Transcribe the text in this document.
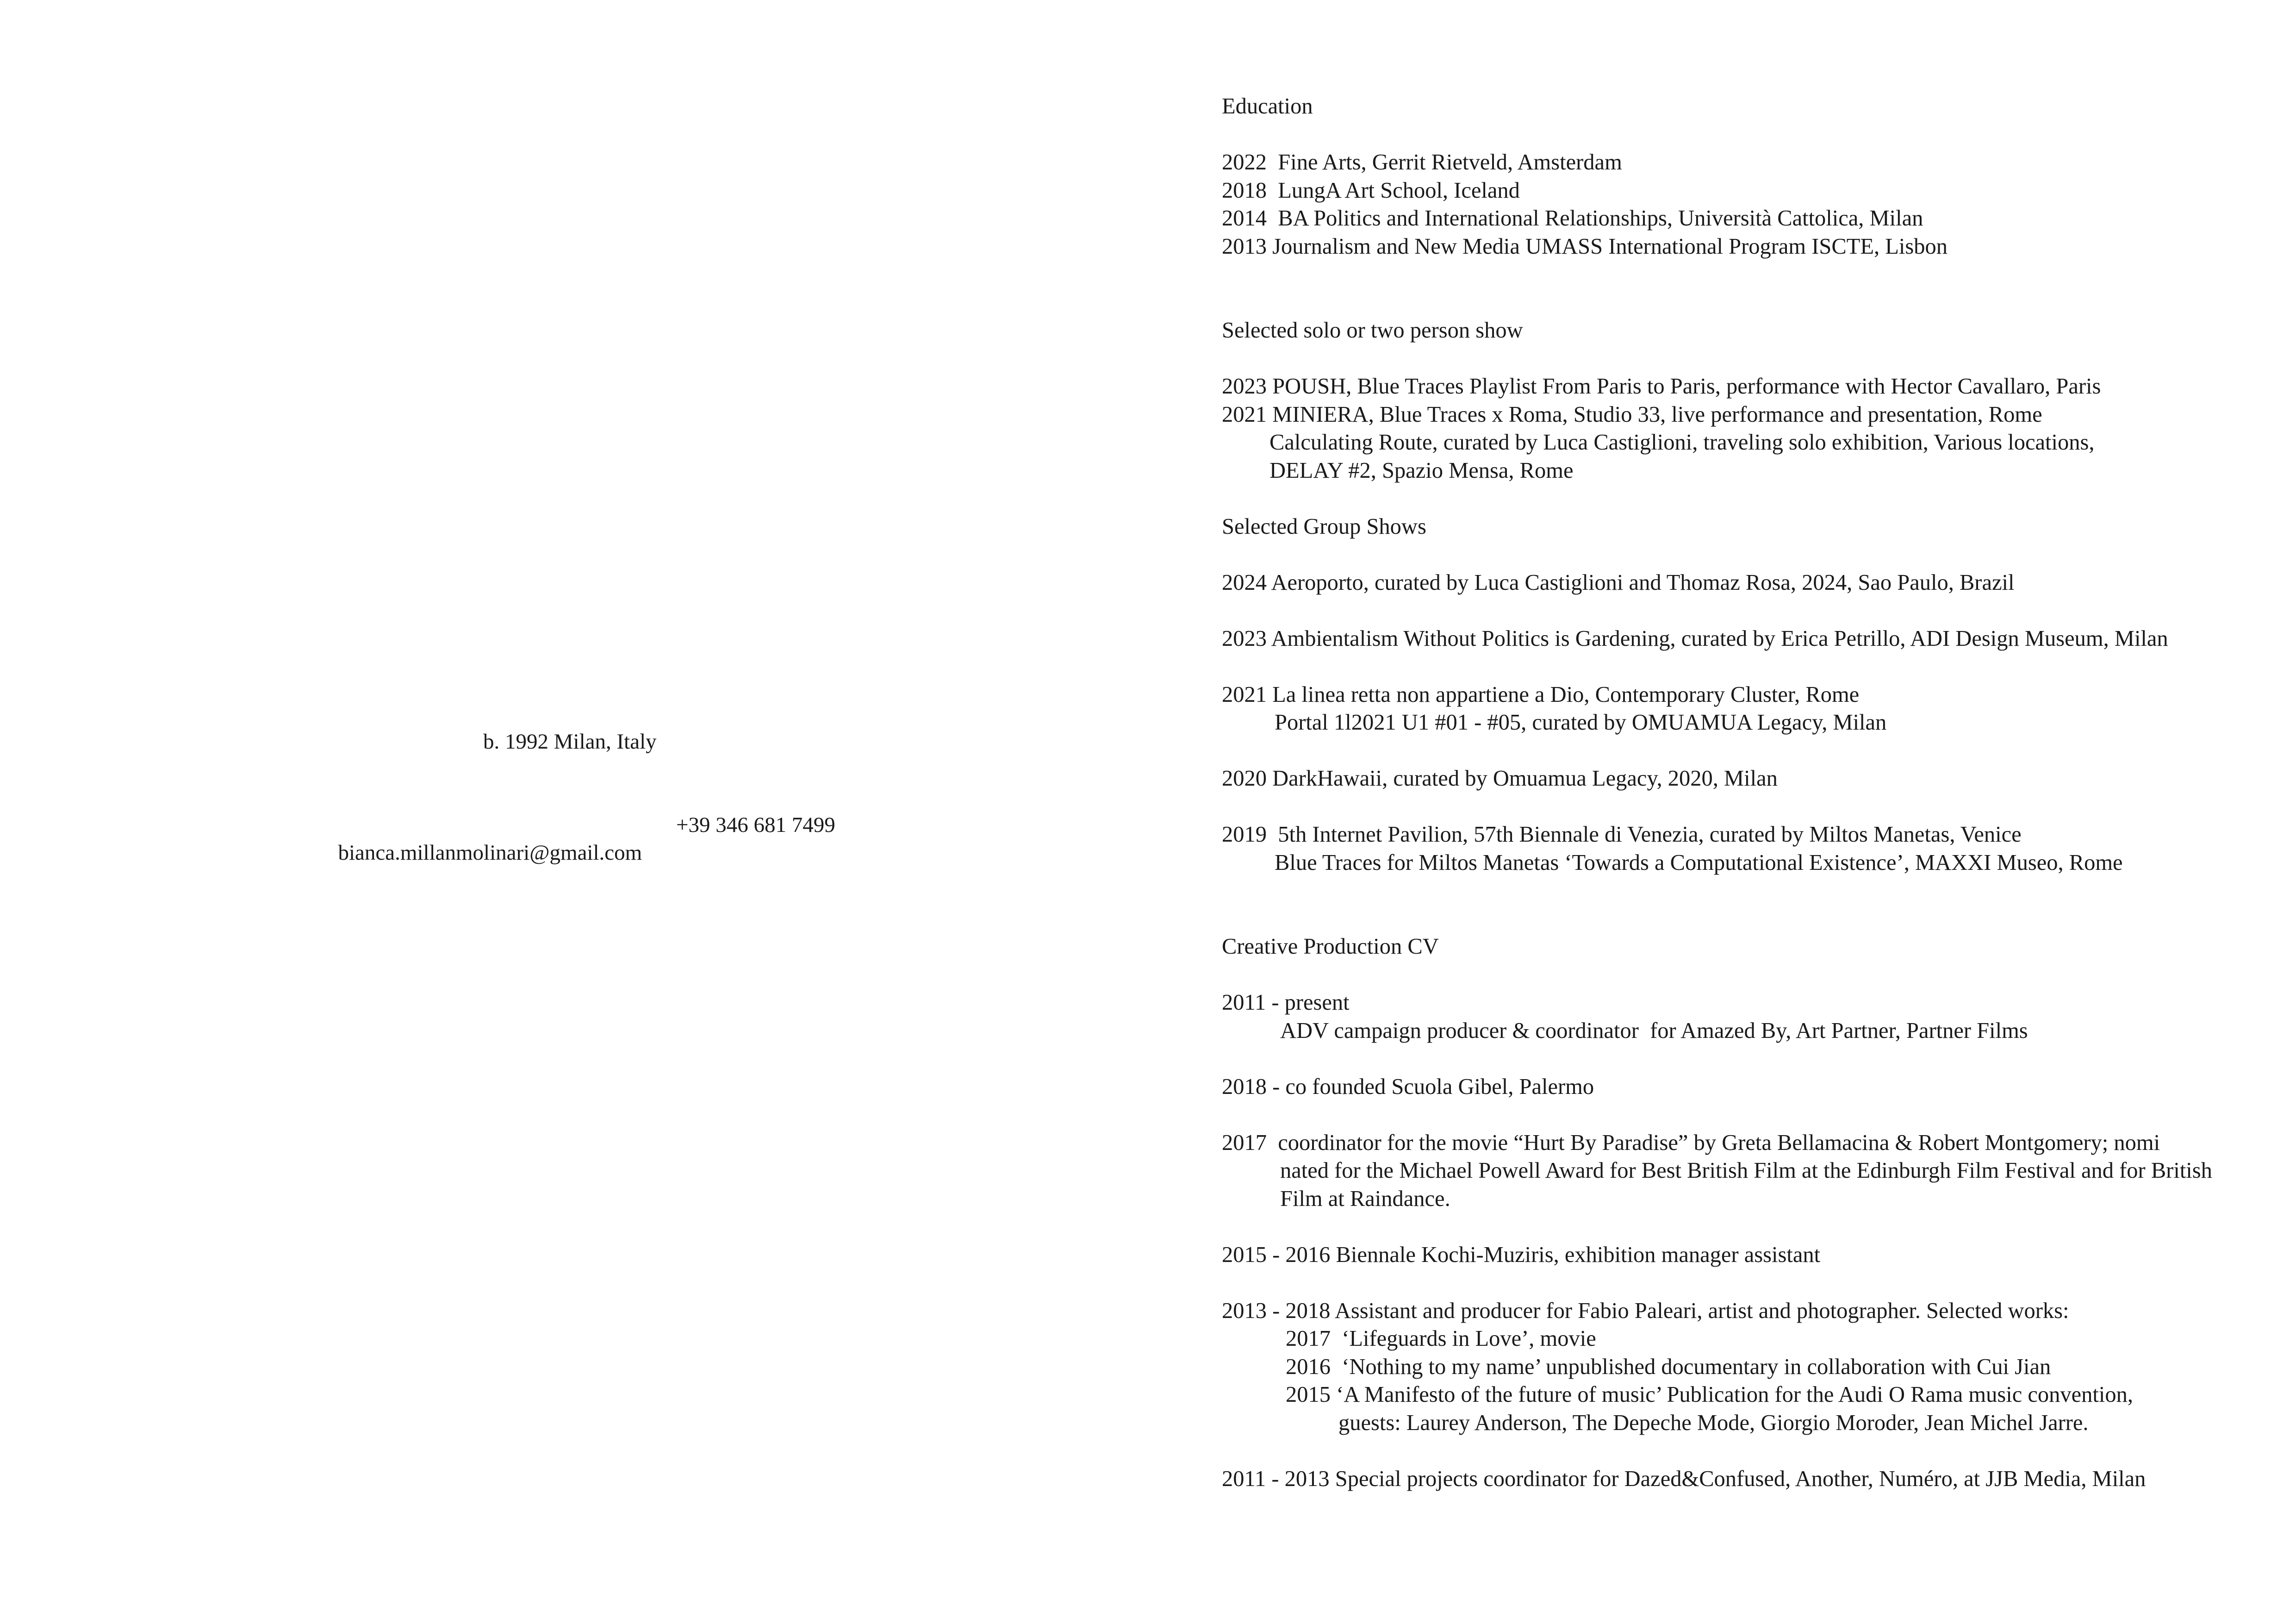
b. 1992 Milan, Italy

bianca.millanmolinari@gmail.com

+39 346 681 7499

Education
2022  Fine Arts, Gerrit Rietveld, Amsterdam
2018  LungA Art School, Iceland
2014  BA Politics and International Relationships, Università Cattolica, Milan
2013 Journalism and New Media UMASS International Program ISCTE, Lisbon
Selected solo or two person show
2023 POUSH, Blue Traces Playlist From Paris to Paris, performance with Hector Cavallaro, Paris
2021 MINIERA, Blue Traces x Roma, Studio 33, live performance and presentation, Rome
Calculating Route, curated by Luca Castiglioni, traveling solo exhibition, Various locations,
DELAY #2, Spazio Mensa, Rome
Selected Group Shows
2024 Aeroporto, curated by Luca Castiglioni and Thomaz Rosa, 2024, Sao Paulo, Brazil
2023 Ambientalism Without Politics is Gardening, curated by Erica Petrillo, ADI Design Museum, Milan
2021 La linea retta non appartiene a Dio, Contemporary Cluster, Rome
Portal 1l2021 U1 #01 - #05, curated by OMUAMUA Legacy, Milan
2020 DarkHawaii, curated by Omuamua Legacy, 2020, Milan
2019  5th Internet Pavilion, 57th Biennale di Venezia, curated by Miltos Manetas, Venice
Blue Traces for Miltos Manetas ‘Towards a Computational Existence’, MAXXI Museo, Rome
Creative Production CV
2011 - present
ADV campaign producer & coordinator  for Amazed By, Art Partner, Partner Films
2018 - co founded Scuola Gibel, Palermo
2017  coordinator for the movie “Hurt By Paradise” by Greta Bellamacina & Robert Montgomery; nomi
nated for the Michael Powell Award for Best British Film at the Edinburgh Film Festival and for British
Film at Raindance.
2015 - 2016 Biennale Kochi-Muziris, exhibition manager assistant
2013 - 2018 Assistant and producer for Fabio Paleari, artist and photographer. Selected works:
2017  ‘Lifeguards in Love’, movie
2016  ‘Nothing to my name’ unpublished documentary in collaboration with Cui Jian
2015 ‘A Manifesto of the future of music’ Publication for the Audi O Rama music convention,
guests: Laurey Anderson, The Depeche Mode, Giorgio Moroder, Jean Michel Jarre.
2011 - 2013 Special projects coordinator for Dazed&Confused, Another, Numéro, at JJB Media, Milan
